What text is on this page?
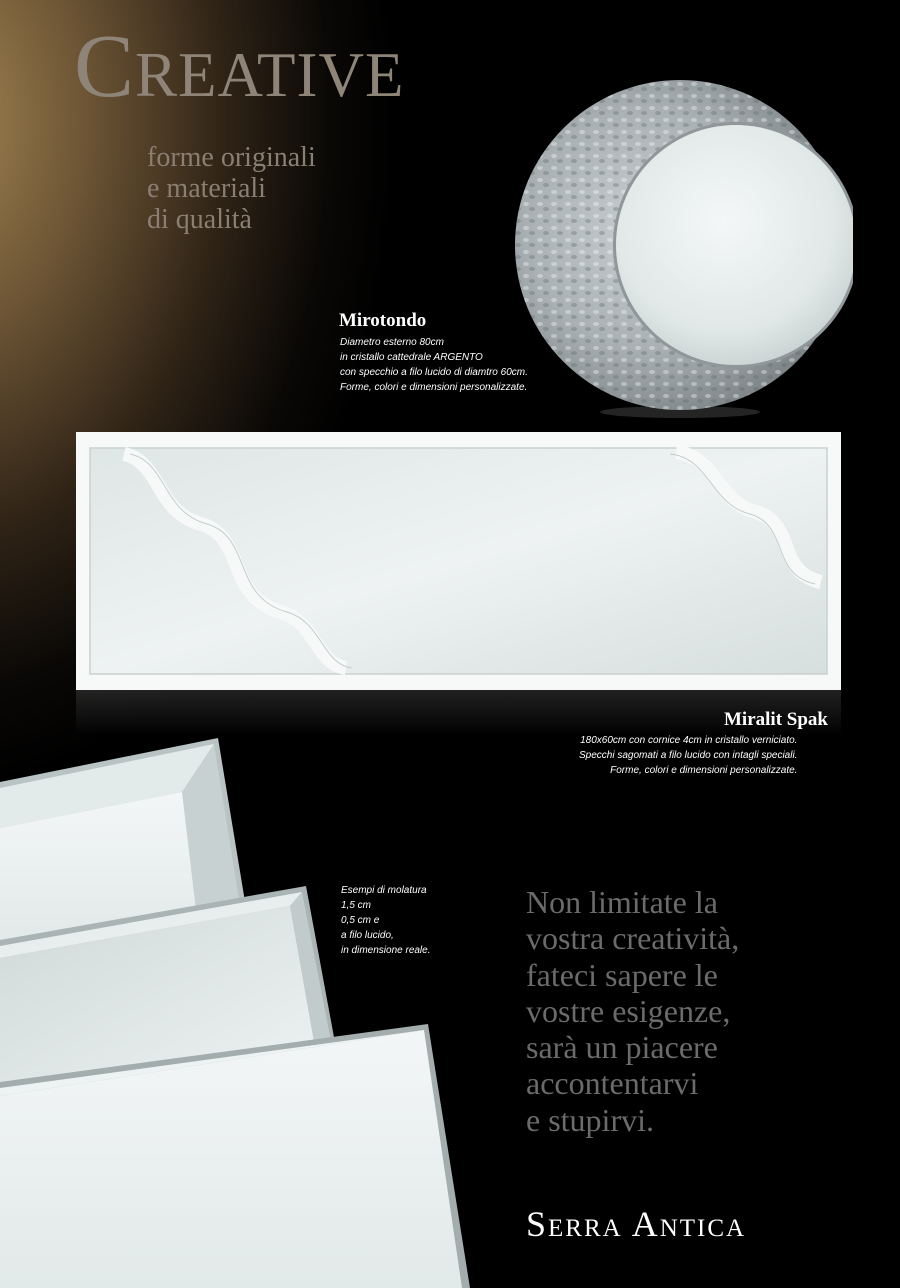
Creative
forme originali
e materiali
di qualità
Mirotondo
Diametro esterno 80cm
in cristallo cattedrale ARGENTO
con specchio a filo lucido di diamtro 60cm.
Forme, colori e dimensioni personalizzate.
Miralit Spak
180x60cm con cornice 4cm in cristallo verniciato.
Specchi sagomati a filo lucido con intagli speciali.
Forme, colori e dimensioni personalizzate.
Esempi di molatura
1,5 cm
0,5 cm e
a filo lucido,
in dimensione reale.
Non limitate la
vostra creatività,
fateci sapere le
vostre esigenze,
sarà un piacere
accontentarvi
e stupirvi.
Serra Antica
